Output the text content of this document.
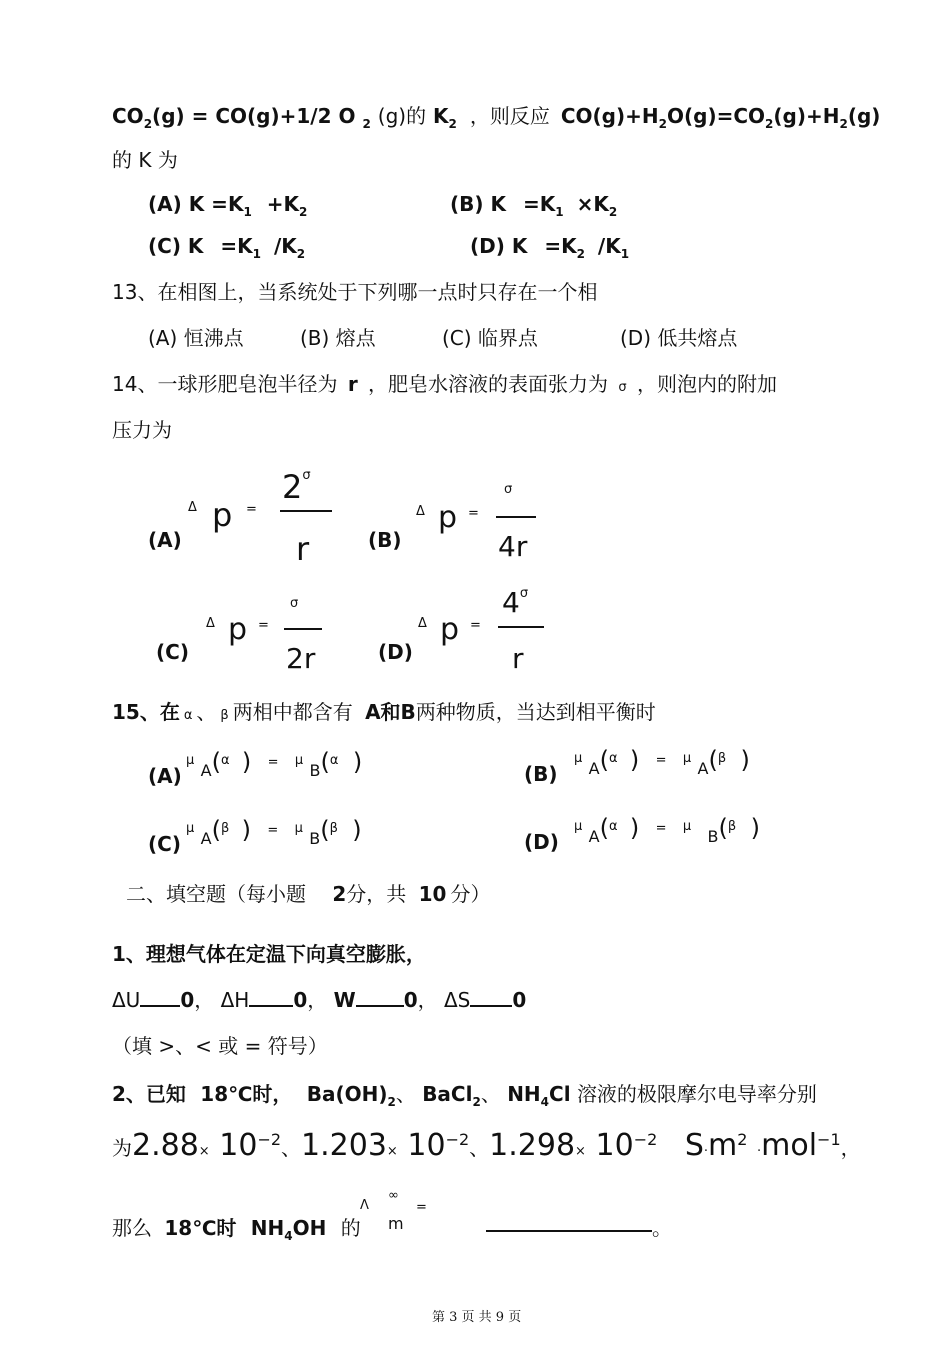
$CO_2(g) = CO(g)+1/2$ O $_2$ (g)的 $K_2$ ，则反应 $CO(g)+H_2O(g)=CO_2(g)+H_2(g)$
的 K 为
(A) $K =K_1 +K_2$	(B) $K =K_1 \times K_2$
(C) $K =K_1$ $/K_2$	(D) $K =K_2$ $/K_1$
13、在相图上，当系统处于下列哪一点时只存在一个相
(A) 恒沸点	(B) 熔点	(C) 临界点	(D) 低共熔点
14、一球形肥皂泡半径为 r ，肥皂水溶液的表面张力为 σ ，则泡内的附加
压力为
(A)
Δ p =
$2^\sigma$
r	(B)
Δ p =
σ
4r
(C)
Δ p =
σ
2r	(D)
Δ p =
$4^\sigma$
r
15、在 α 、 β 两相中都含有 A和B两种物质，当达到相平衡时
(A)
$^\mu$ $_A$($^\alpha$ ) = $^\mu$ $_B$($^\alpha$ )	(B)
$^\mu$ $_A$($^\alpha$ ) = $^\mu$ $_A$($^\beta$ )
(C)
$^\mu$ $_A$($^\beta$ ) = $^\mu$ $_B$($^\beta$ )	(D)
$^\mu$ $_A$($^\alpha$ ) = $^\mu$ $_B$($^\beta$ )
二、填空题（每小题 2分，共 10 分）
1、理想气体在定温下向真空膨胀，
ΔU 0， ΔH 0， W 0， ΔS 0
（填 >、< 或 = 符号）
2、已知 18℃时， $Ba(OH)_2$、 BaCl$_2$、 $NH_4Cl$ 溶液的极限摩尔电导率分别
为$2.88\times 10^{-2}$、$1.203\times 10^{-2}$、$1.298\times 10^{-2}$ $S\cdot m^2 \cdot mol^{-1}$，
那么 18℃时 $NH_4OH$ 的
Λ
∞
m
=
。
第 3 页 共 9 页
